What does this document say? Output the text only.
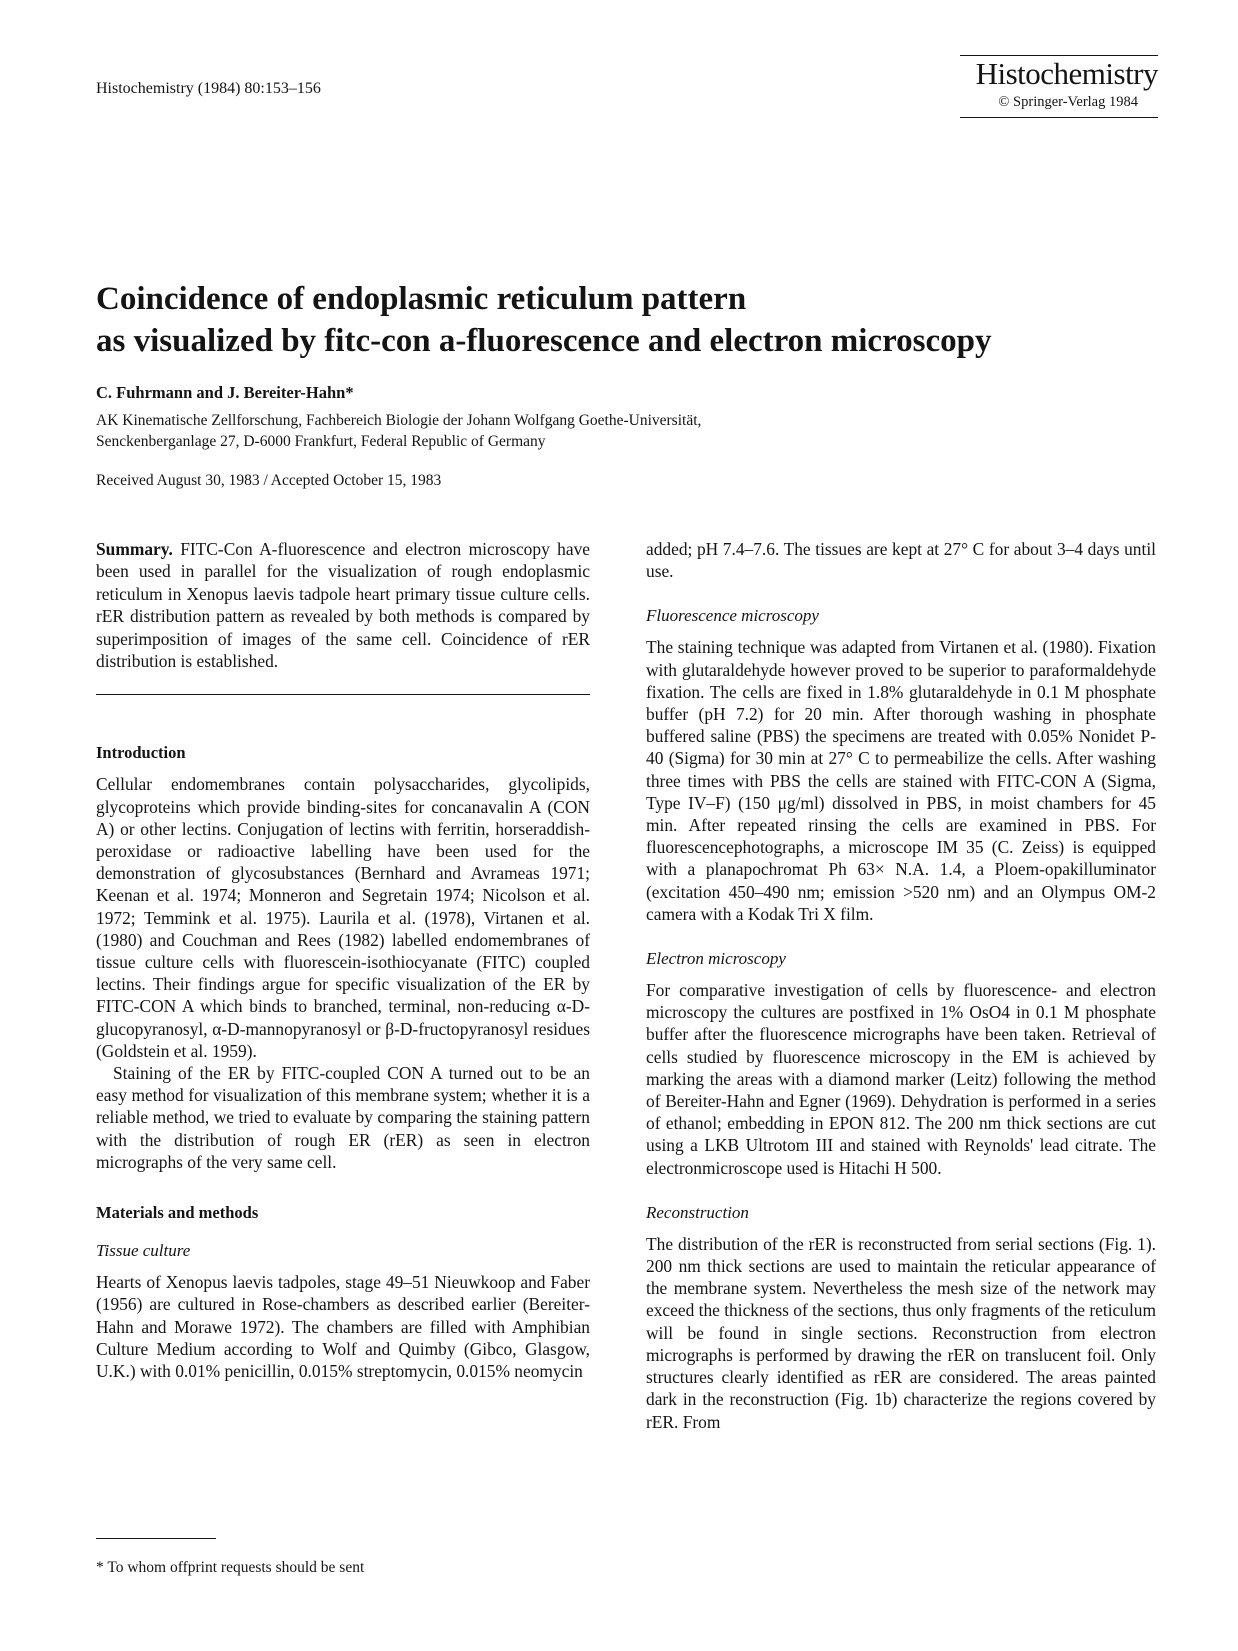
Histochemistry (1984) 80:153–156	Histochemistry
© Springer-Verlag 1984
Coincidence of endoplasmic reticulum pattern
as visualized by fitc-con a-fluorescence and electron microscopy
C. Fuhrmann and J. Bereiter-Hahn*
AK Kinematische Zellforschung, Fachbereich Biologie der Johann Wolfgang Goethe-Universität,
Senckenberganlage 27, D-6000 Frankfurt, Federal Republic of Germany
Received August 30, 1983 / Accepted October 15, 1983

Summary. FITC-Con A-fluorescence and electron microscopy have been used in parallel for the visualization of rough endoplasmic reticulum in Xenopus laevis tadpole heart primary tissue culture cells. rER distribution pattern as revealed by both methods is compared by superimposition of images of the same cell. Coincidence of rER distribution is established.

Introduction

Cellular endomembranes contain polysaccharides, glycolipids, glycoproteins which provide binding-sites for concanavalin A (CON A) or other lectins. Conjugation of lectins with ferritin, horseraddish-peroxidase or radioactive labelling have been used for the demonstration of glycosubstances (Bernhard and Avrameas 1971; Keenan et al. 1974; Monneron and Segretain 1974; Nicolson et al. 1972; Temmink et al. 1975). Laurila et al. (1978), Virtanen et al. (1980) and Couchman and Rees (1982) labelled endomembranes of tissue culture cells with fluorescein-isothiocyanate (FITC) coupled lectins. Their findings argue for specific visualization of the ER by FITC-CON A which binds to branched, terminal, non-reducing α-D-glucopyranosyl, α-D-mannopyranosyl or β-D-fructopyranosyl residues (Goldstein et al. 1959).

Staining of the ER by FITC-coupled CON A turned out to be an easy method for visualization of this membrane system; whether it is a reliable method, we tried to evaluate by comparing the staining pattern with the distribution of rough ER (rER) as seen in electron micrographs of the very same cell.

Materials and methods
Tissue culture

Hearts of Xenopus laevis tadpoles, stage 49–51 Nieuwkoop and Faber (1956) are cultured in Rose-chambers as described earlier (Bereiter-Hahn and Morawe 1972). The chambers are filled with Amphibian Culture Medium according to Wolf and Quimby (Gibco, Glasgow, U.K.) with 0.01% penicillin, 0.015% streptomycin, 0.015% neomycin

added; pH 7.4–7.6. The tissues are kept at 27° C for about 3–4 days until use.

Fluorescence microscopy

The staining technique was adapted from Virtanen et al. (1980). Fixation with glutaraldehyde however proved to be superior to paraformaldehyde fixation. The cells are fixed in 1.8% glutaraldehyde in 0.1 M phosphate buffer (pH 7.2) for 20 min. After thorough washing in phosphate buffered saline (PBS) the specimens are treated with 0.05% Nonidet P-40 (Sigma) for 30 min at 27° C to permeabilize the cells. After washing three times with PBS the cells are stained with FITC-CON A (Sigma, Type IV–F) (150 μg/ml) dissolved in PBS, in moist chambers for 45 min. After repeated rinsing the cells are examined in PBS. For fluorescencephotographs, a microscope IM 35 (C. Zeiss) is equipped with a planapochromat Ph 63× N.A. 1.4, a Ploem-opakilluminator (excitation 450–490 nm; emission >520 nm) and an Olympus OM-2 camera with a Kodak Tri X film.

Electron microscopy

For comparative investigation of cells by fluorescence- and electron microscopy the cultures are postfixed in 1% OsO4 in 0.1 M phosphate buffer after the fluorescence micrographs have been taken. Retrieval of cells studied by fluorescence microscopy in the EM is achieved by marking the areas with a diamond marker (Leitz) following the method of Bereiter-Hahn and Egner (1969). Dehydration is performed in a series of ethanol; embedding in EPON 812. The 200 nm thick sections are cut using a LKB Ultrotom III and stained with Reynolds' lead citrate. The electronmicroscope used is Hitachi H 500.

Reconstruction

The distribution of the rER is reconstructed from serial sections (Fig. 1). 200 nm thick sections are used to maintain the reticular appearance of the membrane system. Nevertheless the mesh size of the network may exceed the thickness of the sections, thus only fragments of the reticulum will be found in single sections. Reconstruction from electron micrographs is performed by drawing the rER on translucent foil. Only structures clearly identified as rER are considered. The areas painted dark in the reconstruction (Fig. 1b) characterize the regions covered by rER. From

* To whom offprint requests should be sent
